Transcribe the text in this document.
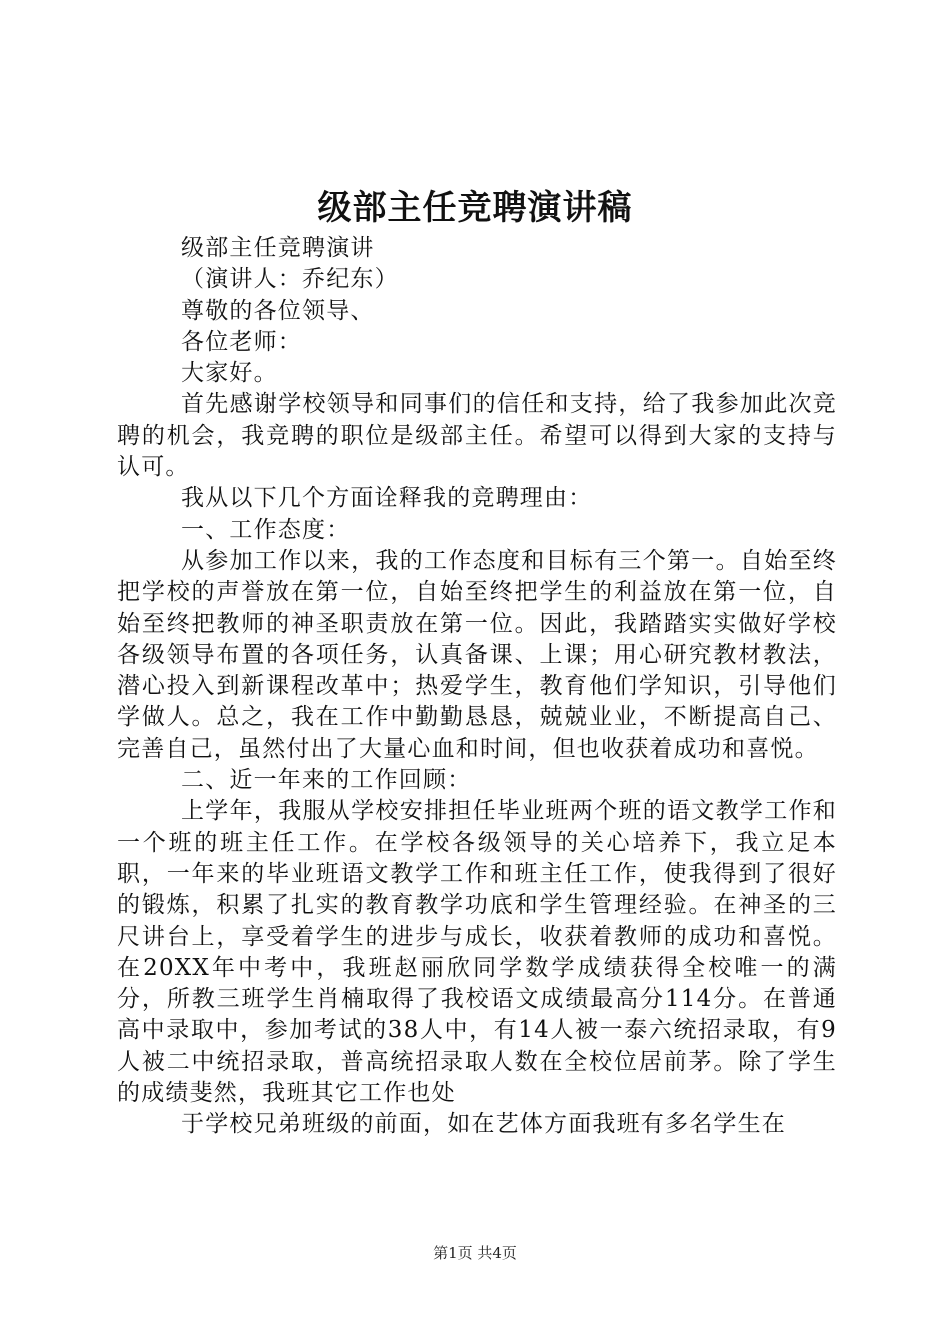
级部主任竞聘演讲稿

级部主任竞聘演讲

（演讲人：乔纪东）

尊敬的各位领导、

各位老师：

大家好。

首先感谢学校领导和同事们的信任和支持，给了我参加此次竞聘的机会，我竞聘的职位是级部主任。希望可以得到大家的支持与认可。

我从以下几个方面诠释我的竞聘理由：

一、工作态度：

从参加工作以来，我的工作态度和目标有三个第一。自始至终把学校的声誉放在第一位，自始至终把学生的利益放在第一位，自始至终把教师的神圣职责放在第一位。因此，我踏踏实实做好学校各级领导布置的各项任务，认真备课、上课；用心研究教材教法，潜心投入到新课程改革中；热爱学生，教育他们学知识，引导他们学做人。总之，我在工作中勤勤恳恳，兢兢业业，不断提高自己、完善自己，虽然付出了大量心血和时间，但也收获着成功和喜悦。

二、近一年来的工作回顾：

上学年，我服从学校安排担任毕业班两个班的语文教学工作和一个班的班主任工作。在学校各级领导的关心培养下，我立足本职，一年来的毕业班语文教学工作和班主任工作，使我得到了很好的锻炼，积累了扎实的教育教学功底和学生管理经验。在神圣的三尺讲台上，享受着学生的进步与成长，收获着教师的成功和喜悦。在20XX年中考中，我班赵丽欣同学数学成绩获得全校唯一的满分，所教三班学生肖楠取得了我校语文成绩最高分114分。在普通高中录取中，参加考试的38人中，有14人被一泰六统招录取，有9人被二中统招录取，普高统招录取人数在全校位居前茅。除了学生的成绩斐然，我班其它工作也处

于学校兄弟班级的前面，如在艺体方面我班有多名学生在

第1页 共4页
